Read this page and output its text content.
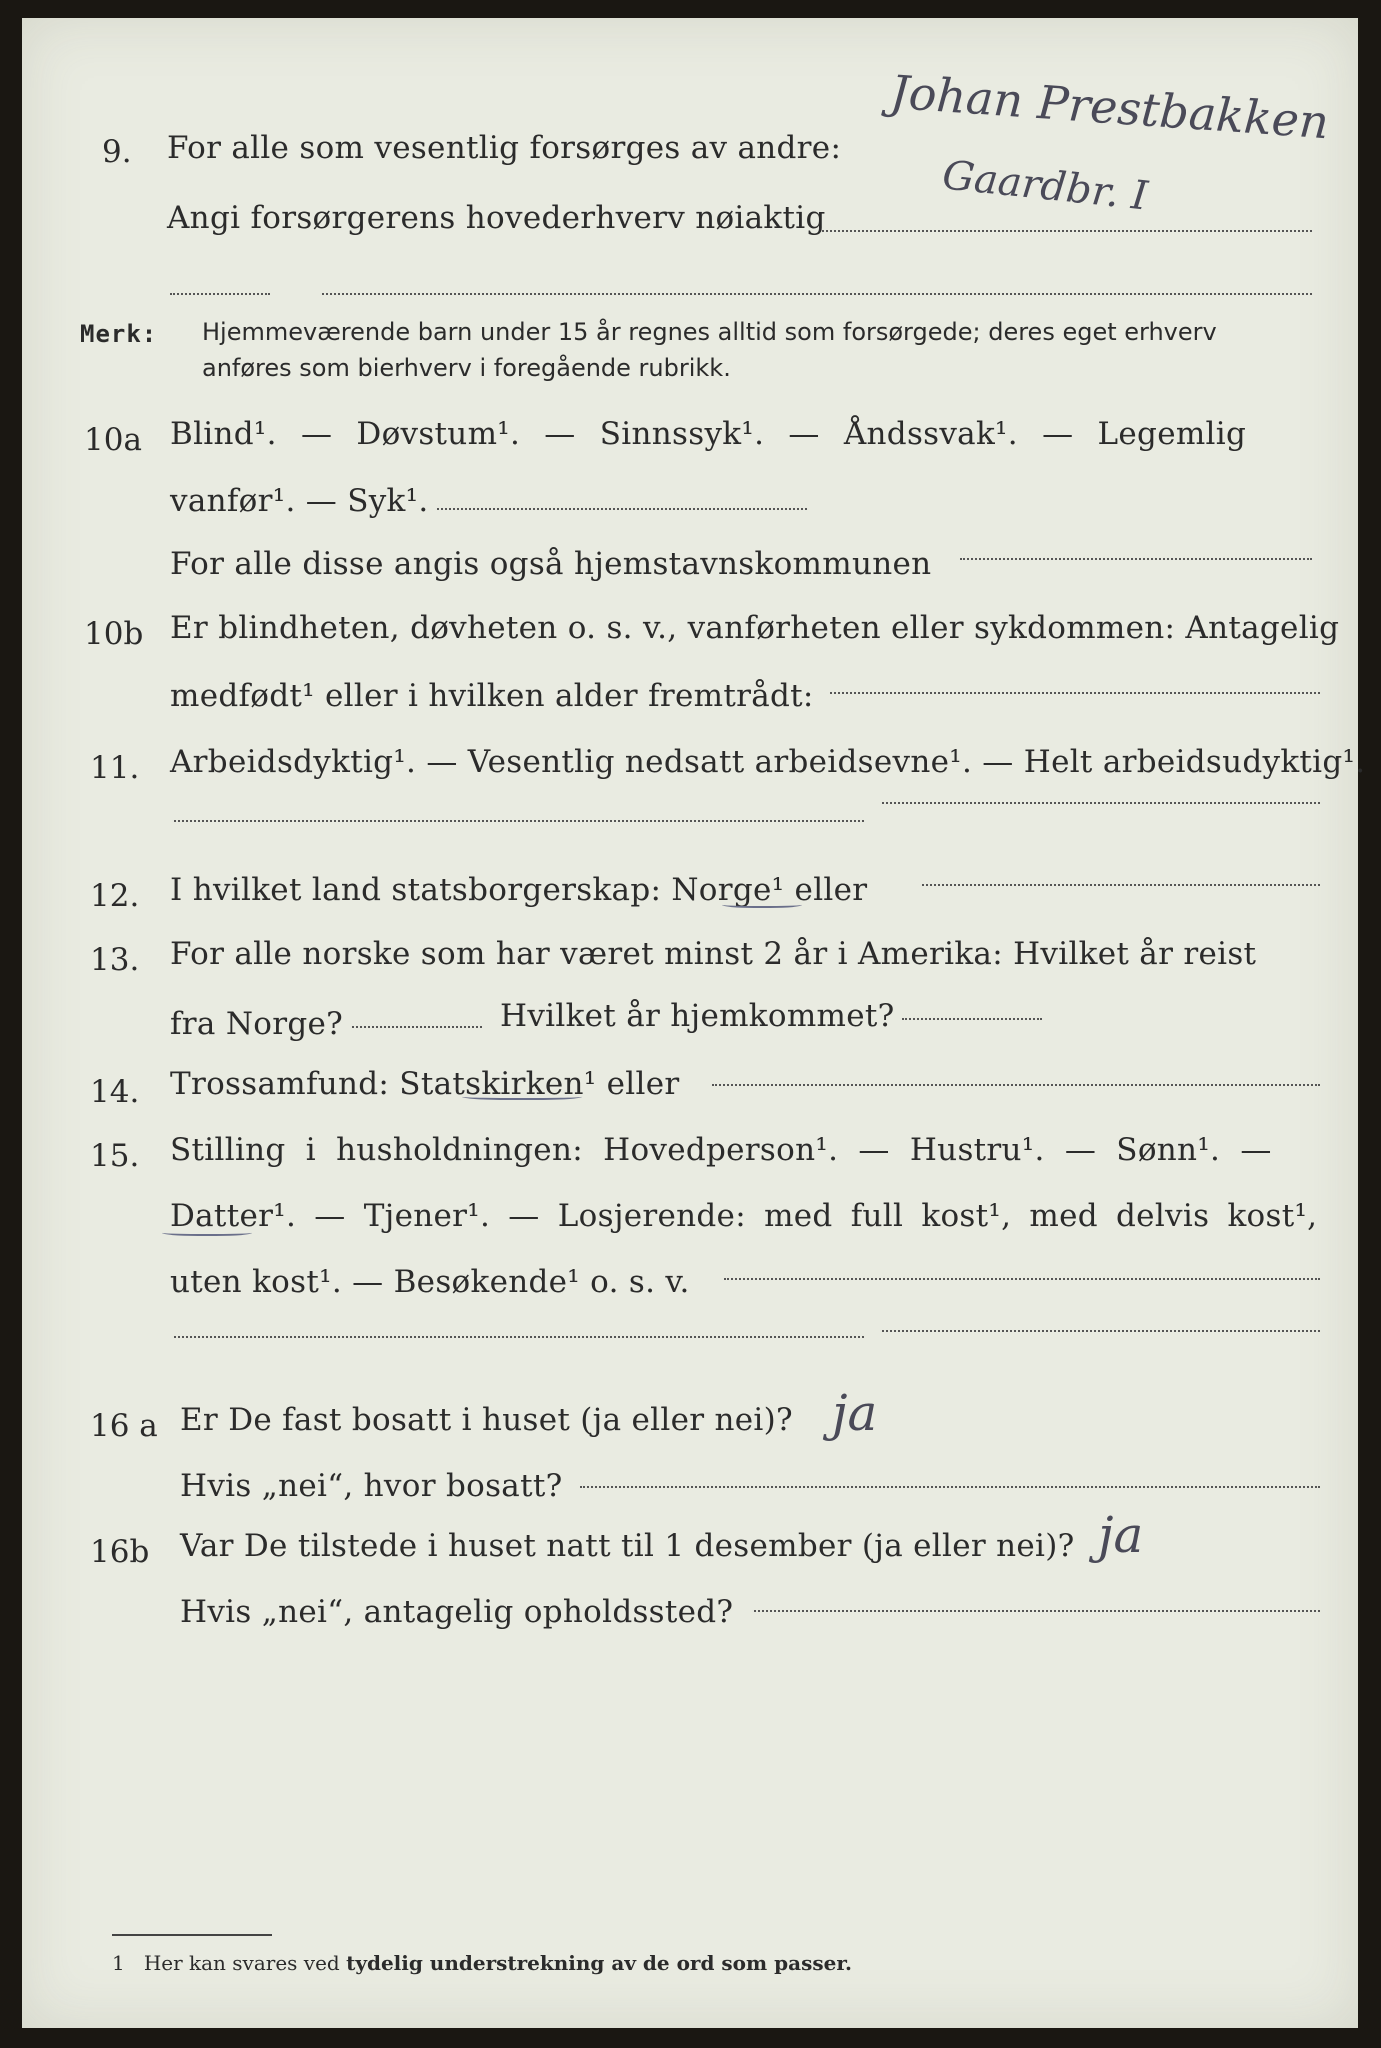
9. For alle som vesentlig forsørges av andre: Johan Prestbakken
Angi forsørgerens hovederhverv nøiaktig	Gaardbr. I
Merk: Hjemmeværende barn under 15 år regnes alltid som forsørgede; deres eget erhverv
anføres som bierhverv i foregående rubrikk.
10a Blind¹. — Døvstum¹. — Sinnssyk¹. — Åndssvak¹. — Legemlig
vanfør¹. — Syk¹.
For alle disse angis også hjemstavnskommunen
10b Er blindheten, døvheten o. s. v., vanførheten eller sykdommen: Antagelig
medfødt¹ eller i hvilken alder fremtrådt:
11. Arbeidsdyktig¹. — Vesentlig nedsatt arbeidsevne¹. — Helt arbeidsudyktig¹.
12. I hvilket land statsborgerskap: Norge¹ eller
13. For alle norske som har været minst 2 år i Amerika: Hvilket år reist
fra Norge?	Hvilket år hjemkommet?
14. Trossamfund: Statskirken¹ eller
15. Stilling i husholdningen: Hovedperson¹. — Hustru¹. — Sønn¹. —
Datter¹. — Tjener¹. — Losjerende: med full kost¹, med delvis kost¹,
uten kost¹. — Besøkende¹ o. s. v.
16 a Er De fast bosatt i huset (ja eller nei)? ja
Hvis „nei“, hvor bosatt?
16b Var De tilstede i huset natt til 1 desember (ja eller nei)? ja
Hvis „nei“, antagelig opholdssted?
1 Her kan svares ved tydelig understrekning av de ord som passer.
